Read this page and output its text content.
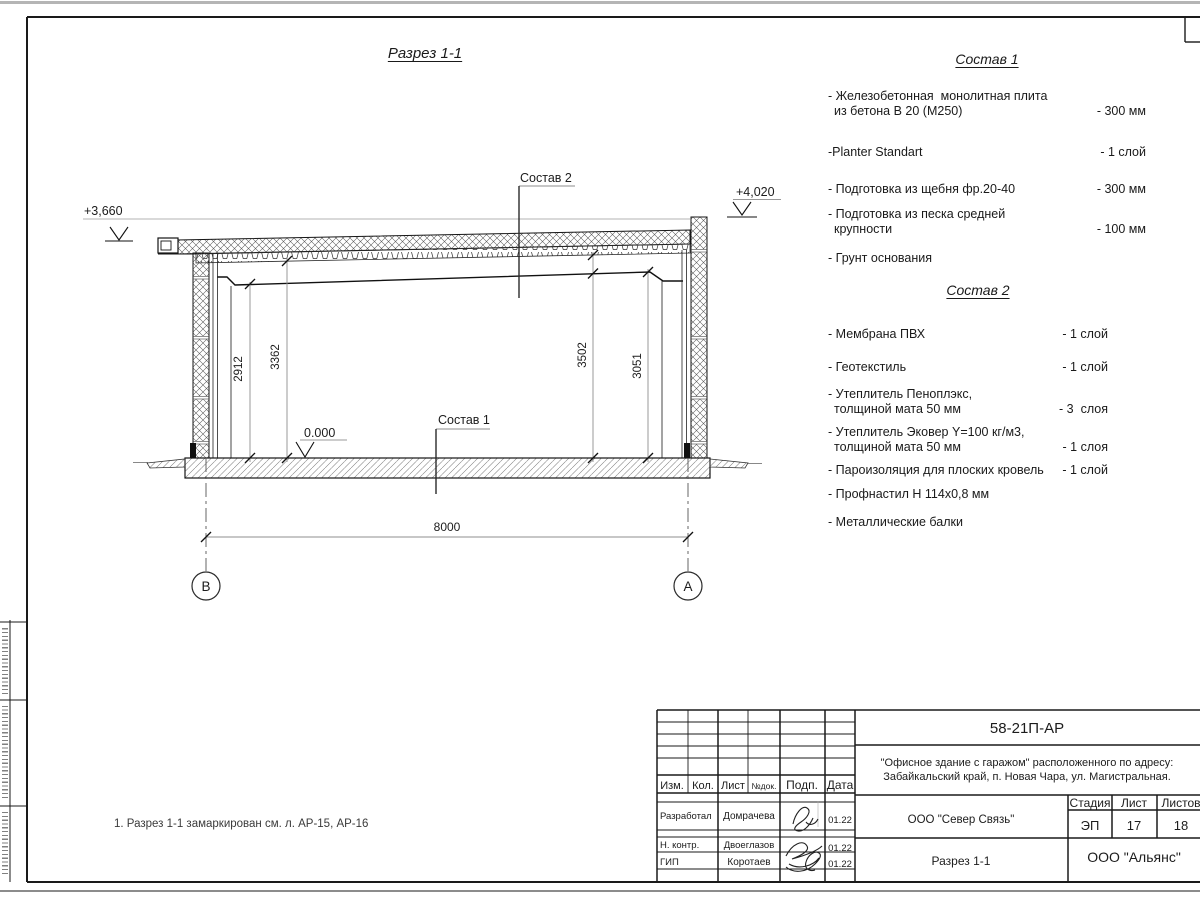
В	А
2912 3362	3502	3051
8000
+3,660
+4,020
0.000
Состав 2
Состав 1
58-21П-АР
"Офисное здание с гаражом" расположенного по адресу:
Забайкальский край, п. Новая Чара, ул. Магистральная.
Изм. Кол. Лист №док. Подп. Дата
Разработал Домрачева	01.22
Н. контр.	Двоеглазов	01.22
ГИП	Коротаев	01.22
ООО "Север Связь"
Стадия Лист Листов
ЭП 17	18
Разрез 1-1	ООО "Альянс"
Разрез 1-1	Состав 1
- Железобетонная  монолитная плита
из бетона В 20 (М250)	- 300 мм
-Planter Standart	- 1 слой
- Подготовка из щебня фр.20-40	- 300 мм
- Подготовка из песка средней
крупности	- 100 мм
- Грунт основания
Состав 2
- Мембрана ПВХ	- 1 слой
- Геотекстиль	- 1 слой
- Утеплитель Пеноплэкс,
толщиной мата 50 мм	- 3  слоя
- Утеплитель Эковер Y=100 кг/м3,
толщиной мата 50 мм	- 1 слоя
- Пароизоляция для плоских кровель	- 1 слой
- Профнастил Н 114х0,8 мм
- Металлические балки
1. Разрез 1-1 замаркирован см. л. АР-15, АР-16
